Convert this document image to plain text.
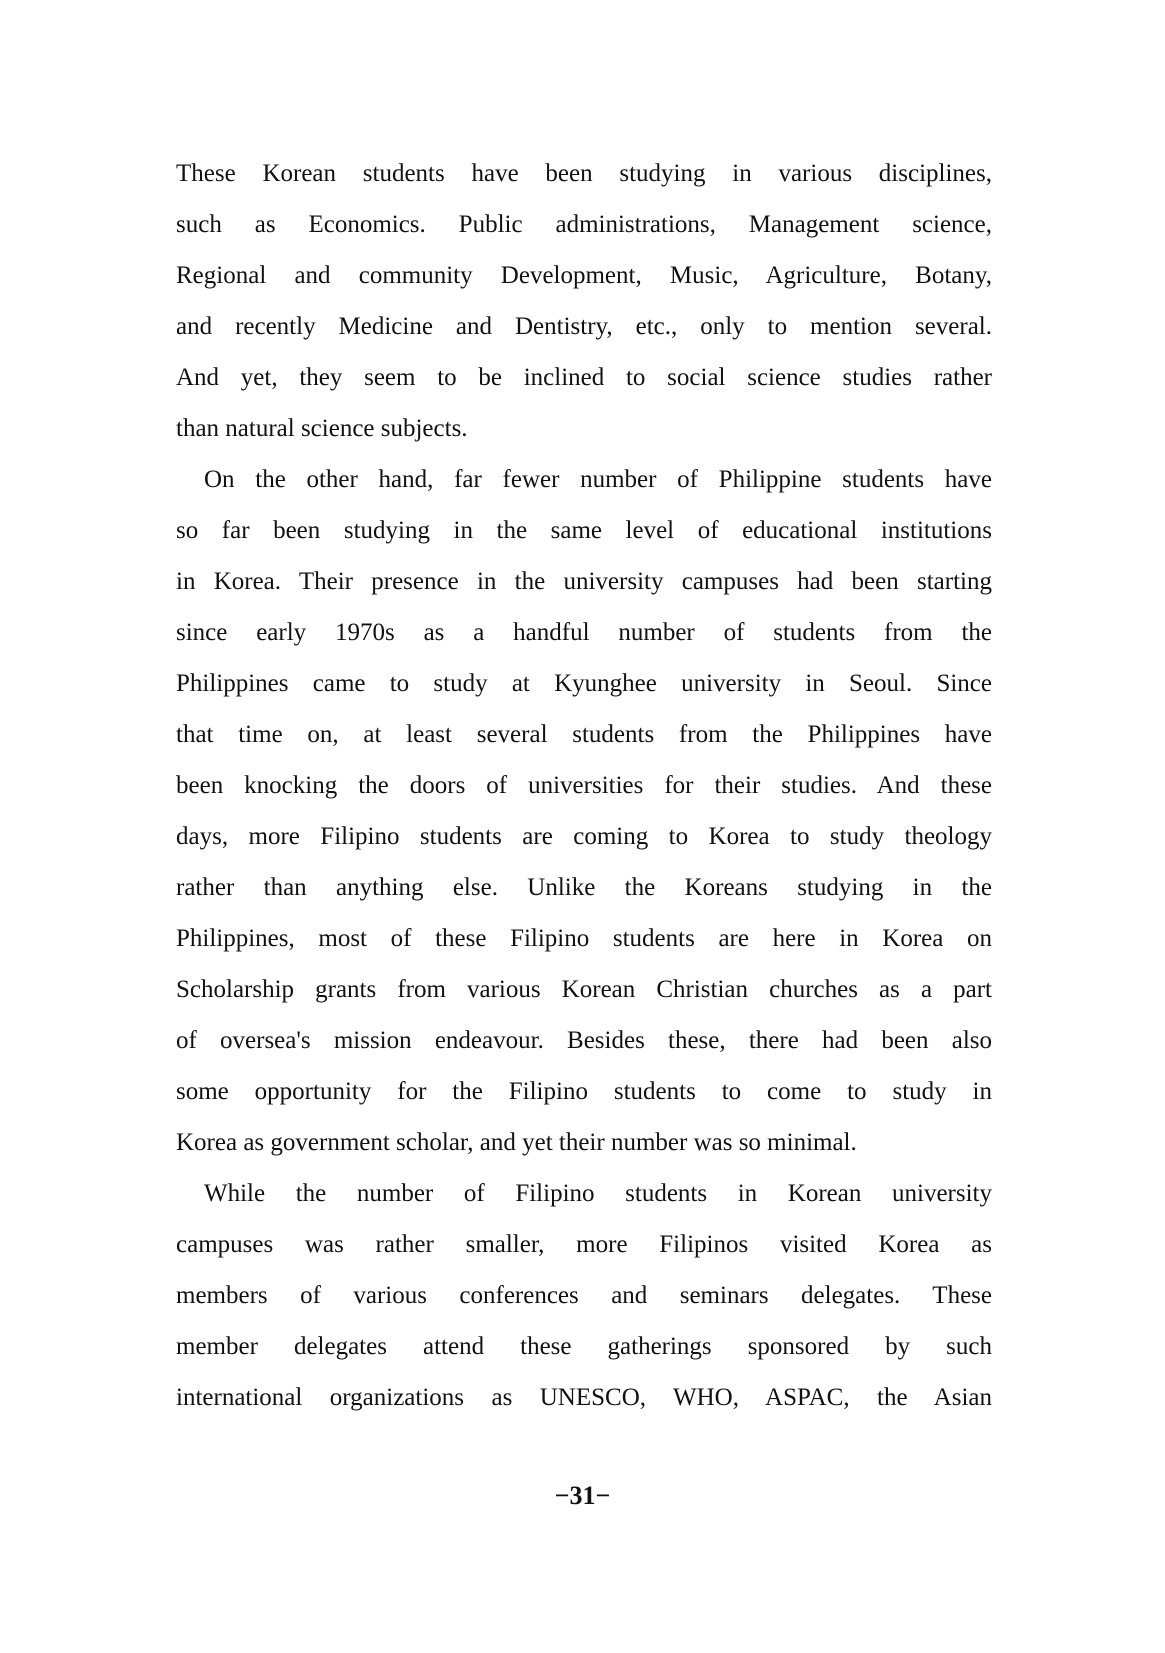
These Korean students have been studying in various disciplines,
such as Economics. Public administrations, Management science,
Regional and community Development, Music, Agriculture, Botany,
and recently Medicine and Dentistry, etc., only to mention several.
And yet, they seem to be inclined to social science studies rather
than natural science subjects.
On the other hand, far fewer number of Philippine students have
so far been studying in the same level of educational institutions
in Korea. Their presence in the university campuses had been starting
since early 1970s as a handful number of students from the
Philippines came to study at Kyunghee university in Seoul. Since
that time on, at least several students from the Philippines have
been knocking the doors of universities for their studies. And these
days, more Filipino students are coming to Korea to study theology
rather than anything else. Unlike the Koreans studying in the
Philippines, most of these Filipino students are here in Korea on
Scholarship grants from various Korean Christian churches as a part
of oversea's mission endeavour. Besides these, there had been also
some opportunity for the Filipino students to come to study in
Korea as government scholar, and yet their number was so minimal.
While the number of Filipino students in Korean university
campuses was rather smaller, more Filipinos visited Korea as
members of various conferences and seminars delegates. These
member delegates attend these gatherings sponsored by such
international organizations as UNESCO, WHO, ASPAC, the Asian
−31−
